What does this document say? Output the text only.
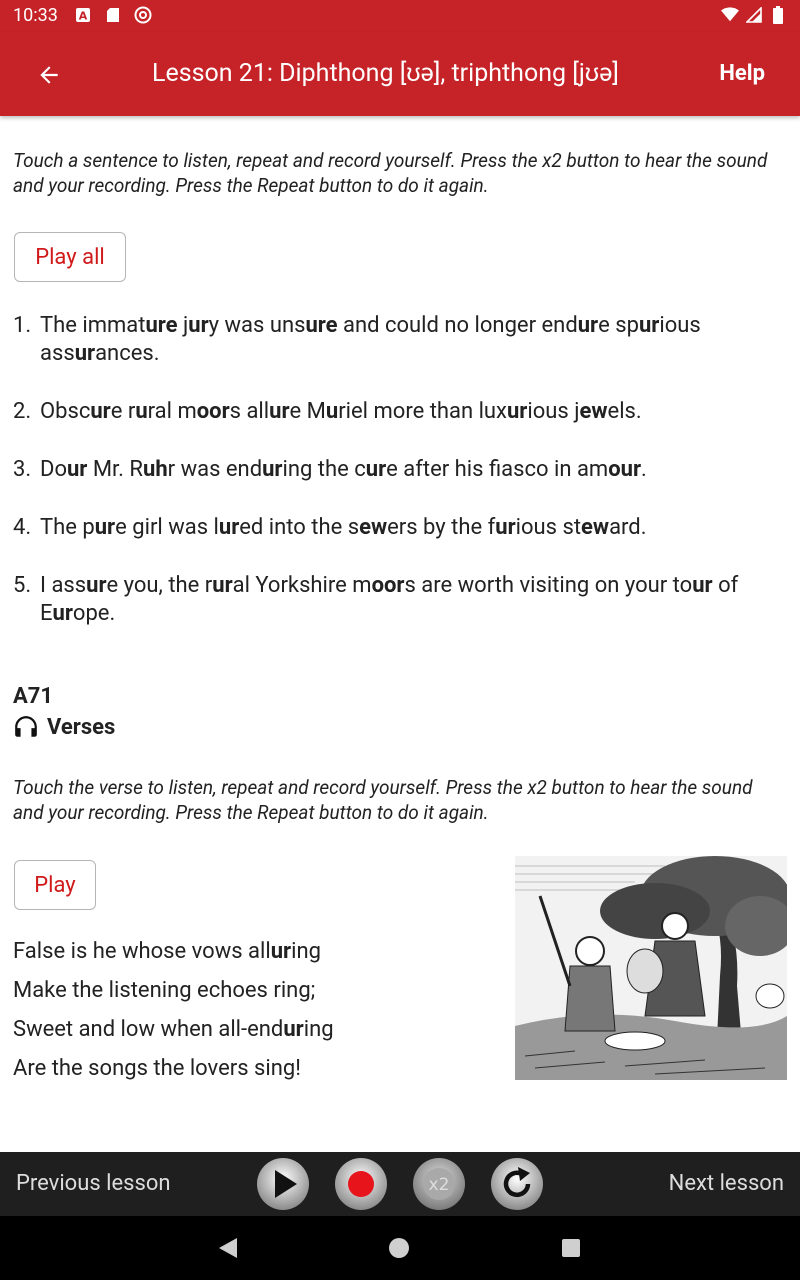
10:33 A
Lesson 21: Diphthong [ʊə], triphthong [jʊə]	Help

Touch a sentence to listen, repeat and record yourself. Press the x2 button to hear the sound and your recording. Press the Repeat button to do it again.

Play all
1. The immature jury was unsure and could no longer endure spurious assurances.
2. Obscure rural moors allure Muriel more than luxurious jewels.
3. Dour Mr. Ruhr was enduring the cure after his fiasco in amour.
4. The pure girl was lured into the sewers by the furious steward.
5. I assure you, the rural Yorkshire moors are worth visiting on your tour of Europe.
A71
Verses

Touch the verse to listen, repeat and record yourself. Press the x2 button to hear the sound and your recording. Press the Repeat button to do it again.

Play
False is he whose vows alluring
Make the listening echoes ring;
Sweet and low when all-enduring
Are the songs the lovers sing!
Previous lesson	x2	Next lesson
